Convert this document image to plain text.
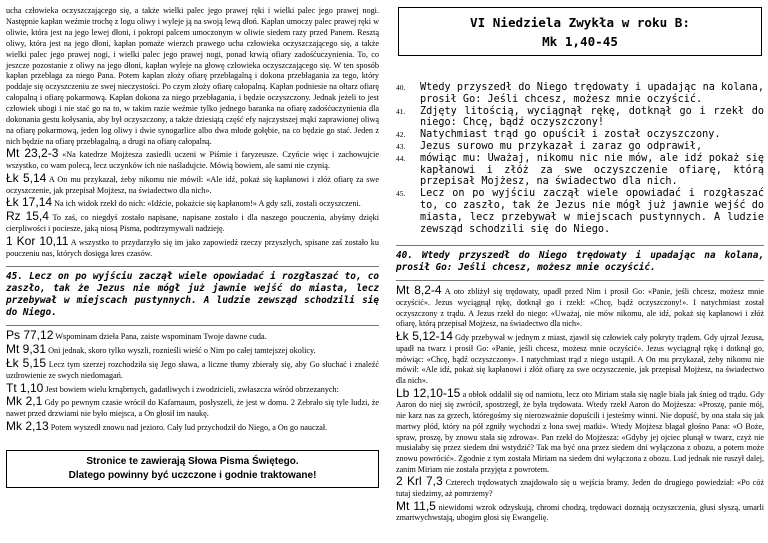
ucha człowieka oczyszczającego się, a także wielki palec jego prawej ręki i wielki palec jego prawej nogi. Następnie kapłan weźmie trochę z logu oliwy i wyleje ją na swoją lewą dłoń. Kapłan umoczy palec prawej ręki w oliwie, która jest na jego lewej dłoni, i pokropi palcem umoczonym w oliwie siedem razy przed Panem. Resztą oliwy, która jest na jego dłoni, kapłan pomaże wierzch prawego ucha człowieka oczyszczającego się, a także wielki palec jego prawej nogi, i wielki palec jego prawej nogi, ponad krwią ofiary zadośćuczynienia. To, co jeszcze pozostanie z oliwy na jego dłoni, kapłan wyleje na głowę człowieka oczyszczającego się. W ten sposób kapłan przebłaga za niego Pana. Potem kapłan złoży ofiarę przebłagalną i dokona przebłagania za tego, który poddaje się oczyszczeniu ze swej nieczystości. Po czym złoży ofiarę całopalną. Kapłan podniesie na ołtarz ofiarę całopalną i ofiarę pokarmową. Kapłan dokona za niego przebłagania, i będzie oczyszczony. Jednak jeżeli to jest człowiek ubogi i nie stać go na to, w takim razie weźmie tylko jednego baranka na ofiarę zadośćuczynienia dla dokonania gestu kołysania, aby był oczyszczony, a także dziesiątą część efy najczystszej mąki zaprawionej oliwą na ofiarę pokarmową, jeden log oliwy i dwie synogarlice albo dwa młode gołębie, na co będzie go stać. Jeden z nich będzie na ofiarę przebłagalną, a drugi na ofiarę całopalną.

Mt 23,2-3 «Na katedrze Mojżesza zasiedli uczeni w Piśmie i faryzeusze. Czyńcie więc i zachowujcie wszystko, co wam polecą, lecz uczynków ich nie naśladujcie. Mówią bowiem, ale sami nie czynią.

Łk 5,14 A On mu przykazał, żeby nikomu nie mówił: «Ale idź, pokaż się kapłanowi i złóż ofiarę za swe oczyszczenie, jak przepisał Mojżesz, na świadectwo dla nich».

Łk 17,14 Na ich widok rzekł do nich: «Idźcie, pokażcie się kapłanom!» A gdy szli, zostali oczyszczeni.

Rz 15,4 To zaś, co niegdyś zostało napisane, napisane zostało i dla naszego pouczenia, abyśmy dzięki cierpliwości i pociesze, jaką niosą Pisma, podtrzymywali nadzieję.

1 Kor 10,11 A wszystko to przydarzyło się im jako zapowiedź rzeczy przyszłych, spisane zaś zostało ku pouczeniu nas, których dosięga kres czasów.

45. Lecz on po wyjściu zaczął wiele opowiadać i rozgłaszać to, co zaszło, tak że Jezus nie mógł już jawnie wejść do miasta, lecz przebywał w miejscach pustynnych. A ludzie zewsząd schodzili się do Niego.

Ps 77,12 Wspominam dzieła Pana, zaiste wspominam Twoje dawne cuda.

Mt 9,31 Oni jednak, skoro tylko wyszli, roznieśli wieść o Nim po całej tamtejszej okolicy.

Łk 5,15 Lecz tym szerzej rozchodziła się Jego sława, a liczne tłumy zbierały się, aby Go słuchać i znaleźć uzdrowienie ze swych niedomagań.

Tt 1,10 Jest bowiem wielu krnąbrnych, gadatliwych i zwodzicieli, zwłaszcza wśród obrzezanych:

Mk 2,1 Gdy po pewnym czasie wrócił do Kafarnaum, posłyszeli, że jest w domu. 2 Zebrało się tyle ludzi, że nawet przed drzwiami nie było miejsca, a On głosił im naukę.

Mk 2,13 Potem wyszedł znowu nad jezioro. Cały lud przychodził do Niego, a On go nauczał.

Stronice te zawierają Słowa Pisma Świętego.
Dlatego powinny być uczczone i godnie traktowane!
VI Niedziela Zwykła w roku B:
Mk 1,40-45
40. Wtedy przyszedł do Niego trędowaty i upadając na kolana, prosił Go: Jeśli chcesz, możesz mnie oczyścić.
41. Zdjęty litością, wyciągnął rękę, dotknął go i rzekł do niego: Chcę, bądź oczyszczony!
42. Natychmiast trąd go opuścił i został oczyszczony.
43. Jezus surowo mu przykazał i zaraz go odprawił,
44. mówiąc mu: Uważaj, nikomu nic nie mów, ale idź pokaż się kapłanowi i złóż za swe oczyszczenie ofiarę, którą przepisał Mojżesz, na świadectwo dla nich.
45. Lecz on po wyjściu zaczął wiele opowiadać i rozgłaszać to, co zaszło, tak że Jezus nie mógł już jawnie wejść do miasta, lecz przebywał w miejscach pustynnych. A ludzie zewsząd schodzili się do Niego.

40. Wtedy przyszedł do Niego trędowaty i upadając na kolana, prosił Go: Jeśli chcesz, możesz mnie oczyścić.

Mt 8,2-4 A oto zbliżył się trędowaty, upadł przed Nim i prosił Go: «Panie, jeśli chcesz, możesz mnie oczyścić». Jezus wyciągnął rękę, dotknął go i rzekł: «Chcę, bądź oczyszczony!». I natychmiast został oczyszczony z trądu. A Jezus rzekł do niego: «Uważaj, nie mów nikomu, ale idź, pokaż się kapłanowi i złóż ofiarę, którą przepisał Mojżesz, na świadectwo dla nich».

Łk 5,12-14 Gdy przebywał w jednym z miast, zjawił się człowiek cały pokryty trądem. Gdy ujrzał Jezusa, upadł na twarz i prosił Go: «Panie, jeśli chcesz, możesz mnie oczyścić». Jezus wyciągnął rękę i dotknął go, mówiąc: «Chcę, bądź oczyszczony». I natychmiast trąd z niego ustąpił. A On mu przykazał, żeby nikomu nie mówił: «Ale idź, pokaż się kapłanowi i złóż ofiarę za swe oczyszczenie, jak przepisał Mojżesz, na świadectwo dla nich».

Lb 12,10-15 a obłok oddalił się od namiotu, lecz oto Miriam stała się nagle biała jak śnieg od trądu. Gdy Aaron do niej się zwrócił, spostrzegł, że była trędowata. Wtedy rzekł Aaron do Mojżesza: «Proszę, panie mój, nie karz nas za grzech, któregośmy się nierozważnie dopuścili i jesteśmy winni. Nie dopuść, by ona stała się jak martwy płód, który na pół zgniły wychodzi z łona swej matki». Wtedy Mojżesz błagał głośno Pana: «O Boże, spraw, proszę, by znowu stała się zdrowa». Pan rzekł do Mojżesza: «Gdyby jej ojciec plunął w twarz, czyż nie musiałaby się przez siedem dni wstydzić? Tak ma być ona przez siedem dni wyłączona z obozu, a potem może znowu powrócić». Zgodnie z tym została Miriam na siedem dni wyłączona z obozu. Lud jednak nie ruszył dalej, zanim Miriam nie została przyjęta z powrotem.

2 Krl 7,3 Czterech trędowatych znajdowało się u wejścia bramy. Jeden do drugiego powiedział: «Po cóż tutaj siedzimy, aż pomrzemy?

Mt 11,5 niewidomi wzrok odzyskują, chromi chodzą, trędowaci doznają oczyszczenia, głusi słyszą, umarli zmartwychwstają, ubogim głosi się Ewangelię.
